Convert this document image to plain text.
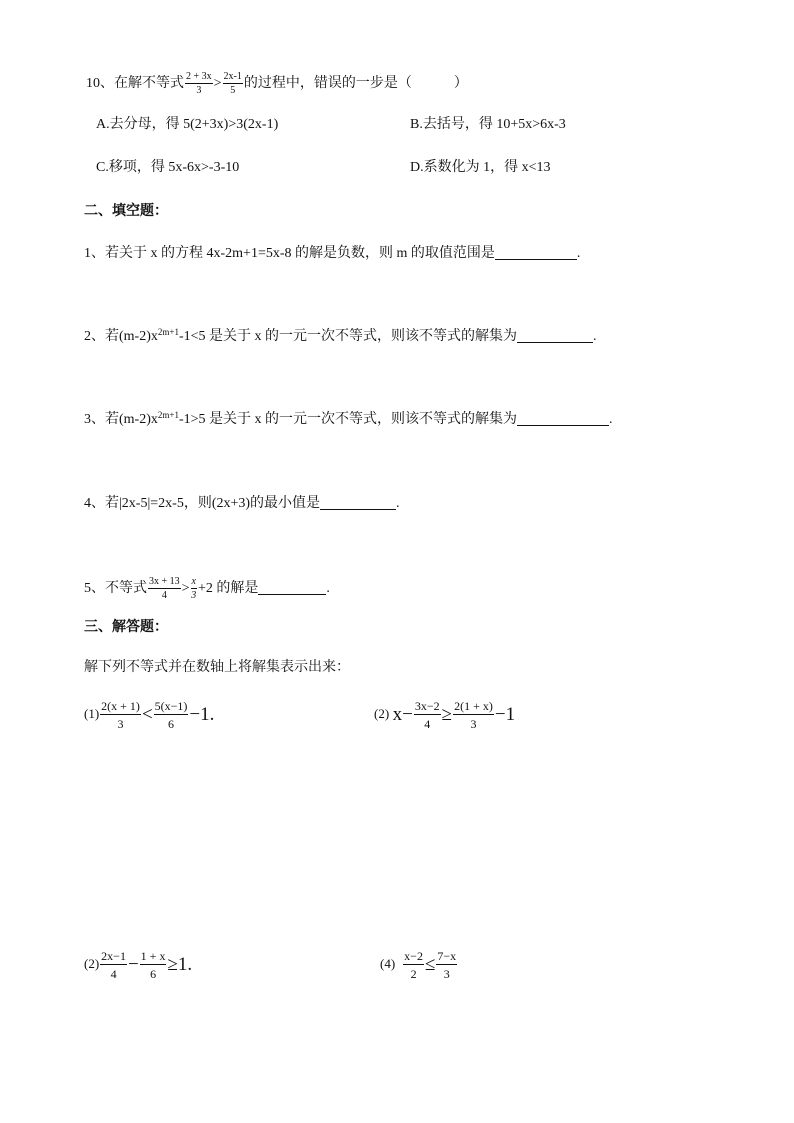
10、在解不等式 $\frac{2 + 3x}{3} > \frac{2x-1}{5}$ 的过程中，错误的一步是（　　　）
A.去分母，得 5(2+3x)>3(2x-1)	B.去括号，得 10+5x>6x-3
C.移项，得 5x-6x>-3-10	D.系数化为 1，得 x<13
二、填空题：
1、若关于 x 的方程 4x-2m+1=5x-8 的解是负数，则 m 的取值范围是	.
2、若$(m-2)x^{2m+1}-1<5$ 是关于 x 的一元一次不等式，则该不等式的解集为	.
3、若$(m-2)x^{2m+1}-1>5$ 是关于 x 的一元一次不等式，则该不等式的解集为	.
4、若|2x-5|=2x-5，则(2x+3)的最小值是	.
5、不等式 $\frac{3x + 13}{4} > \frac{x}{3} +2$ 的解是	.
三、解答题：
解下列不等式并在数轴上将解集表示出来：
$(1) \frac{2(x + 1)}{3} < \frac{5(x-1)}{6} -1$.	(2) $x- \frac{3x-2}{4} \ge \frac{2(1 + x)}{3} -1$
$(2) \frac{2x-1}{4} - \frac{1 + x}{6} \ge 1$.	$(4) \frac{x-2}{2} \le \frac{7-x}{3}$
